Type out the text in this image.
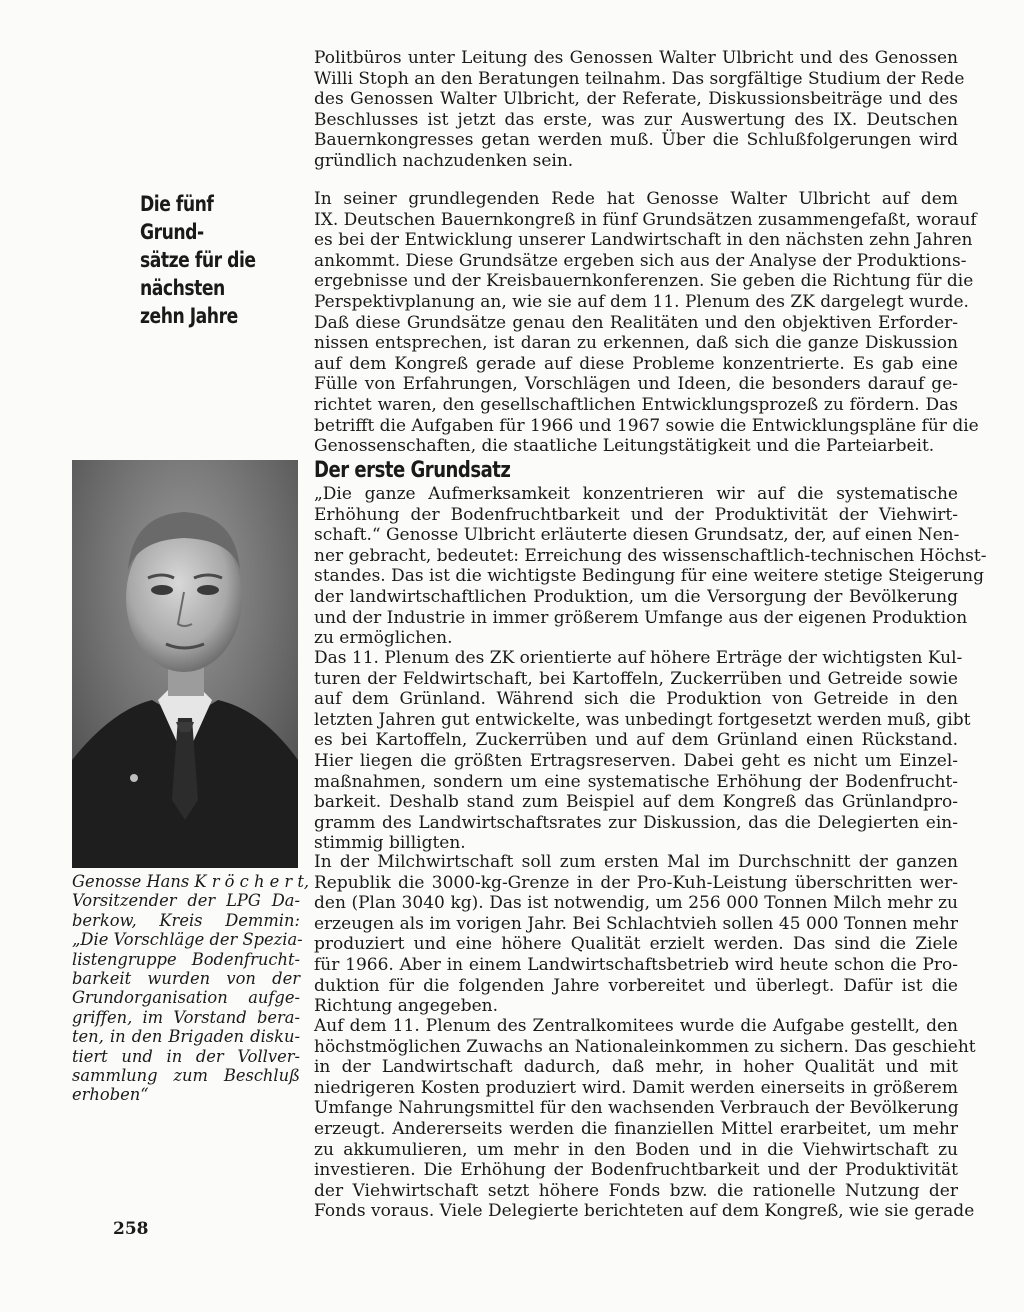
Politbüros unter Leitung des Genossen Walter Ulbricht und des Genossen
Willi Stoph an den Beratungen teilnahm. Das sorgfältige Studium der Rede
des Genossen Walter Ulbricht, der Referate, Diskussionsbeiträge und des
Beschlusses ist jetzt das erste, was zur Auswertung des IX. Deutschen
Bauernkongresses getan werden muß. Über die Schlußfolgerungen wird
gründlich nachzudenken sein.
Die fünf Grund-
sätze für die
nächsten
zehn Jahre
In seiner grundlegenden Rede hat Genosse Walter Ulbricht auf dem
IX. Deutschen Bauernkongreß in fünf Grundsätzen zusammengefaßt, worauf
es bei der Entwicklung unserer Landwirtschaft in den nächsten zehn Jahren
ankommt. Diese Grundsätze ergeben sich aus der Analyse der Produktions-
ergebnisse und der Kreisbauernkonferenzen. Sie geben die Richtung für die
Perspektivplanung an, wie sie auf dem 11. Plenum des ZK dargelegt wurde.
Daß diese Grundsätze genau den Realitäten und den objektiven Erforder-
nissen entsprechen, ist daran zu erkennen, daß sich die ganze Diskussion
auf dem Kongreß gerade auf diese Probleme konzentrierte. Es gab eine
Fülle von Erfahrungen, Vorschlägen und Ideen, die besonders darauf ge-
richtet waren, den gesellschaftlichen Entwicklungsprozeß zu fördern. Das
betrifft die Aufgaben für 1966 und 1967 sowie die Entwicklungspläne für die
Genossenschaften, die staatliche Leitungstätigkeit und die Parteiarbeit.
Der erste Grundsatz
Genosse Hans K r ö c h e r t,
Vorsitzender der LPG Da-
berkow, Kreis Demmin:
„Die Vorschläge der Spezia-
listengruppe Bodenfrucht-
barkeit wurden von der
Grundorganisation aufge-
griffen, im Vorstand bera-
ten, in den Brigaden disku-
tiert und in der Vollver-
sammlung zum Beschluß
erhoben“
„Die ganze Aufmerksamkeit konzentrieren wir auf die systematische
Erhöhung der Bodenfruchtbarkeit und der Produktivität der Viehwirt-
schaft.“ Genosse Ulbricht erläuterte diesen Grundsatz, der, auf einen Nen-
ner gebracht, bedeutet: Erreichung des wissenschaftlich-technischen Höchst-
standes. Das ist die wichtigste Bedingung für eine weitere stetige Steigerung
der landwirtschaftlichen Produktion, um die Versorgung der Bevölkerung
und der Industrie in immer größerem Umfange aus der eigenen Produktion
zu ermöglichen.
Das 11. Plenum des ZK orientierte auf höhere Erträge der wichtigsten Kul-
turen der Feldwirtschaft, bei Kartoffeln, Zuckerrüben und Getreide sowie
auf dem Grünland. Während sich die Produktion von Getreide in den
letzten Jahren gut entwickelte, was unbedingt fortgesetzt werden muß, gibt
es bei Kartoffeln, Zuckerrüben und auf dem Grünland einen Rückstand.
Hier liegen die größten Ertragsreserven. Dabei geht es nicht um Einzel-
maßnahmen, sondern um eine systematische Erhöhung der Bodenfrucht-
barkeit. Deshalb stand zum Beispiel auf dem Kongreß das Grünlandpro-
gramm des Landwirtschaftsrates zur Diskussion, das die Delegierten ein-
stimmig billigten.
In der Milchwirtschaft soll zum ersten Mal im Durchschnitt der ganzen
Republik die 3000-kg-Grenze in der Pro-Kuh-Leistung überschritten wer-
den (Plan 3040 kg). Das ist notwendig, um 256 000 Tonnen Milch mehr zu
erzeugen als im vorigen Jahr. Bei Schlachtvieh sollen 45 000 Tonnen mehr
produziert und eine höhere Qualität erzielt werden. Das sind die Ziele
für 1966. Aber in einem Landwirtschaftsbetrieb wird heute schon die Pro-
duktion für die folgenden Jahre vorbereitet und überlegt. Dafür ist die
Richtung angegeben.
Auf dem 11. Plenum des Zentralkomitees wurde die Aufgabe gestellt, den
höchstmöglichen Zuwachs an Nationaleinkommen zu sichern. Das geschieht
in der Landwirtschaft dadurch, daß mehr, in hoher Qualität und mit
niedrigeren Kosten produziert wird. Damit werden einerseits in größerem
Umfange Nahrungsmittel für den wachsenden Verbrauch der Bevölkerung
erzeugt. Andererseits werden die finanziellen Mittel erarbeitet, um mehr
zu akkumulieren, um mehr in den Boden und in die Viehwirtschaft zu
investieren. Die Erhöhung der Bodenfruchtbarkeit und der Produktivität
der Viehwirtschaft setzt höhere Fonds bzw. die rationelle Nutzung der
Fonds voraus. Viele Delegierte berichteten auf dem Kongreß, wie sie gerade
258
